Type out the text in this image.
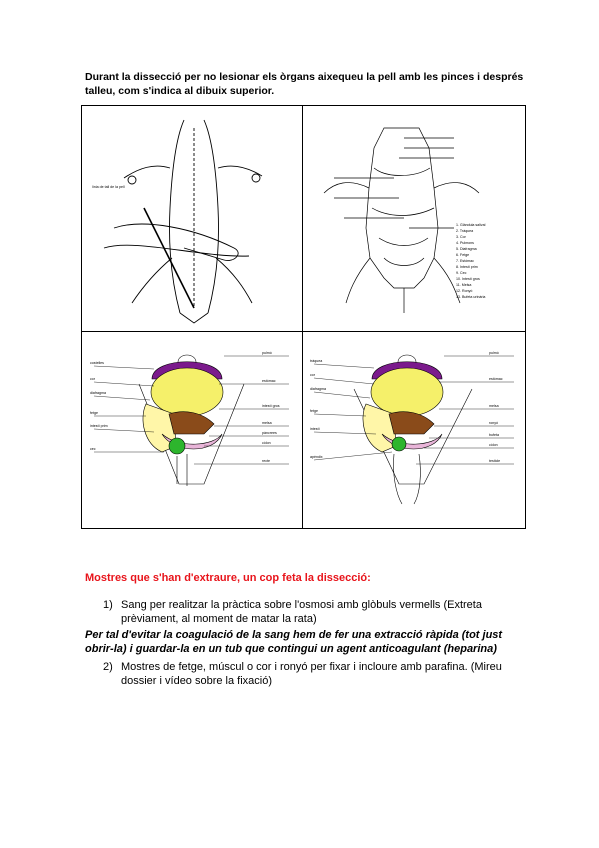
Durant la dissecció per no lesionar els òrgans aixequeu la pell amb les pinces i després
talleu, com s'indica al dibuix superior.
línia de tall de la pell
1. Glàndula salival
2. Tràquea
3. Cor
4. Pulmons
5. Diafragma
6. Fetge
7. Estómac
8. Intestí prim
9. Cec
10. Intestí gros
11. Melsa
12. Ronyó
13. Bufeta urinària
costelles
cor
diafragma
fetge
intestí prim
cec
pulmó
estómac
intestí gros
melsa
pàncrees
còlon
recte
tràquea
cor
diafragma
fetge
intestí
apèndix
pulmó
estómac
melsa
ronyó
bufeta
còlon
testicle
Mostres que s'han d'extraure, un cop feta la dissecció:
1) Sang per realitzar la pràctica sobre l'osmosi amb glòbuls vermells (Extreta
prèviament, al moment de matar la rata)
Per tal d'evitar la coagulació de la sang hem de fer una extracció ràpida (tot just
obrir-la) i guardar-la en un tub que contingui un agent anticoagulant (heparina)
2) Mostres de fetge, múscul o cor i ronyó per fixar i incloure amb parafina. (Mireu
dossier i vídeo sobre la fixació)
